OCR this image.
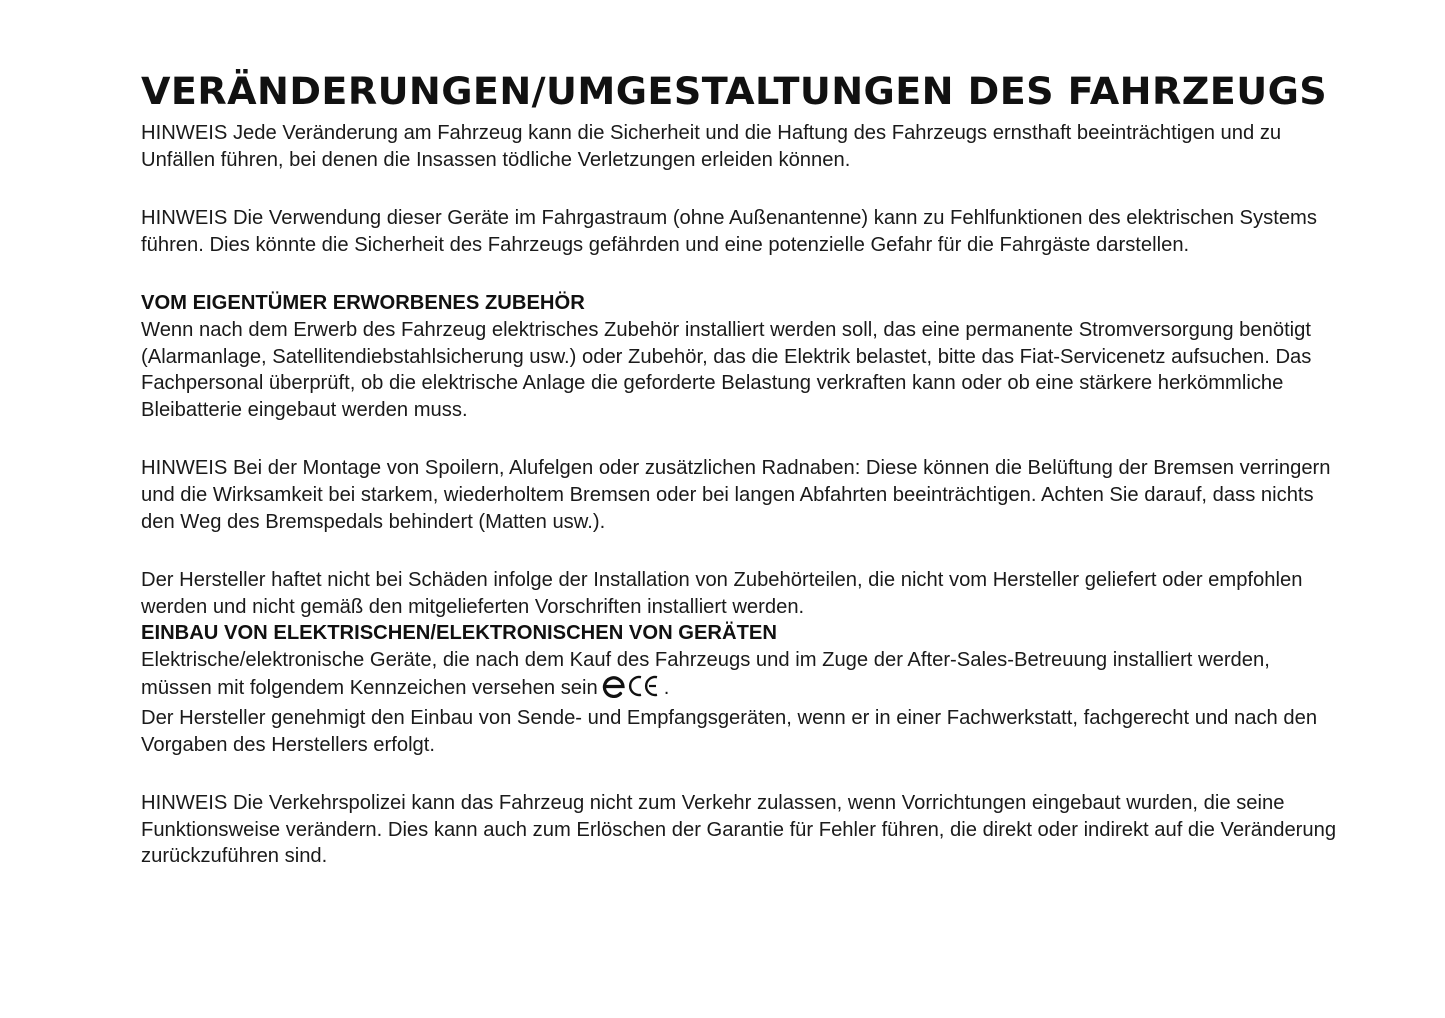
VERÄNDERUNGEN/UMGESTALTUNGEN DES FAHRZEUGS

HINWEIS Jede Veränderung am Fahrzeug kann die Sicherheit und die Haftung des Fahrzeugs ernsthaft beeinträchtigen und zu Unfällen führen, bei denen die Insassen tödliche Verletzungen erleiden können.

HINWEIS Die Verwendung dieser Geräte im Fahrgastraum (ohne Außenantenne) kann zu Fehlfunktionen des elektrischen Systems führen. Dies könnte die Sicherheit des Fahrzeugs gefährden und eine potenzielle Gefahr für die Fahrgäste darstellen.

VOM EIGENTÜMER ERWORBENES ZUBEHÖR

Wenn nach dem Erwerb des Fahrzeug elektrisches Zubehör installiert werden soll, das eine permanente Stromversorgung benötigt (Alarmanlage, Satellitendiebstahlsicherung usw.) oder Zubehör, das die Elektrik belastet, bitte das Fiat-Servicenetz aufsuchen. Das Fachpersonal überprüft, ob die elektrische Anlage die geforderte Belastung verkraften kann oder ob eine stärkere herkömmliche Bleibatterie eingebaut werden muss.

HINWEIS Bei der Montage von Spoilern, Alufelgen oder zusätzlichen Radnaben: Diese können die Belüftung der Bremsen verringern und die Wirksamkeit bei starkem, wiederholtem Bremsen oder bei langen Abfahrten beeinträchtigen. Achten Sie darauf, dass nichts den Weg des Bremspedals behindert (Matten usw.).

Der Hersteller haftet nicht bei Schäden infolge der Installation von Zubehörteilen, die nicht vom Hersteller geliefert oder empfohlen werden und nicht gemäß den mitgelieferten Vorschriften installiert werden.

EINBAU VON ELEKTRISCHEN/ELEKTRONISCHEN VON GERÄTEN

Elektrische/elektronische Geräte, die nach dem Kauf des Fahrzeugs und im Zuge der After-Sales-Betreuung installiert werden, müssen mit folgendem Kennzeichen versehen sein	.

Der Hersteller genehmigt den Einbau von Sende- und Empfangsgeräten, wenn er in einer Fachwerkstatt, fachgerecht und nach den Vorgaben des Herstellers erfolgt.

HINWEIS Die Verkehrspolizei kann das Fahrzeug nicht zum Verkehr zulassen, wenn Vorrichtungen eingebaut wurden, die seine Funktionsweise verändern. Dies kann auch zum Erlöschen der Garantie für Fehler führen, die direkt oder indirekt auf die Veränderung zurückzuführen sind.
